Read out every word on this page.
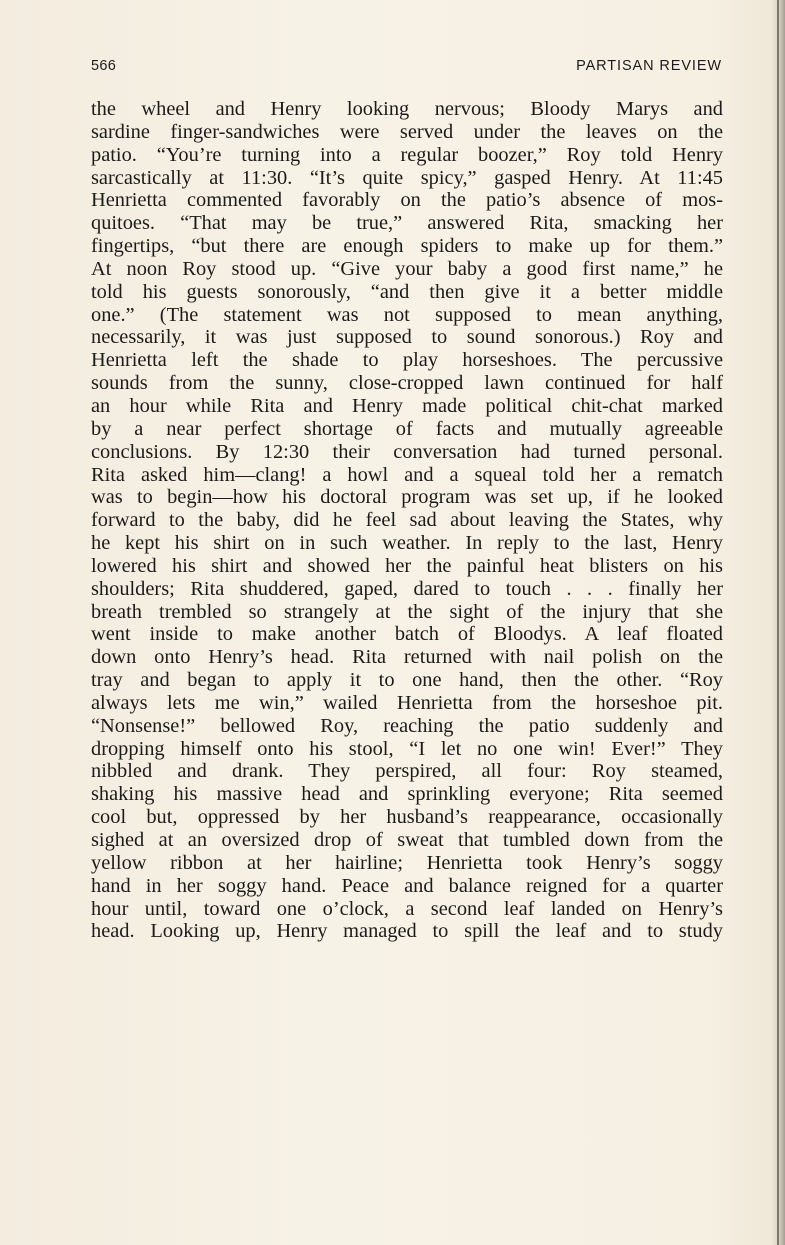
566	PARTISAN REVIEW
the wheel and Henry looking nervous; Bloody Marys and
sardine finger-sandwiches were served under the leaves on the
patio. “You’re turning into a regular boozer,” Roy told Henry
sarcastically at 11:30. “It’s quite spicy,” gasped Henry. At 11:45
Henrietta commented favorably on the patio’s absence of mos-
quitoes. “That may be true,” answered Rita, smacking her
fingertips, “but there are enough spiders to make up for them.”
At noon Roy stood up. “Give your baby a good first name,” he
told his guests sonorously, “and then give it a better middle
one.” (The statement was not supposed to mean anything,
necessarily, it was just supposed to sound sonorous.) Roy and
Henrietta left the shade to play horseshoes. The percussive
sounds from the sunny, close-cropped lawn continued for half
an hour while Rita and Henry made political chit-chat marked
by a near perfect shortage of facts and mutually agreeable
conclusions. By 12:30 their conversation had turned personal.
Rita asked him—clang! a howl and a squeal told her a rematch
was to begin—how his doctoral program was set up, if he looked
forward to the baby, did he feel sad about leaving the States, why
he kept his shirt on in such weather. In reply to the last, Henry
lowered his shirt and showed her the painful heat blisters on his
shoulders; Rita shuddered, gaped, dared to touch . . . finally her
breath trembled so strangely at the sight of the injury that she
went inside to make another batch of Bloodys. A leaf floated
down onto Henry’s head. Rita returned with nail polish on the
tray and began to apply it to one hand, then the other. “Roy
always lets me win,” wailed Henrietta from the horseshoe pit.
“Nonsense!” bellowed Roy, reaching the patio suddenly and
dropping himself onto his stool, “I let no one win! Ever!” They
nibbled and drank. They perspired, all four: Roy steamed,
shaking his massive head and sprinkling everyone; Rita seemed
cool but, oppressed by her husband’s reappearance, occasionally
sighed at an oversized drop of sweat that tumbled down from the
yellow ribbon at her hairline; Henrietta took Henry’s soggy
hand in her soggy hand. Peace and balance reigned for a quarter
hour until, toward one o’clock, a second leaf landed on Henry’s
head. Looking up, Henry managed to spill the leaf and to study
